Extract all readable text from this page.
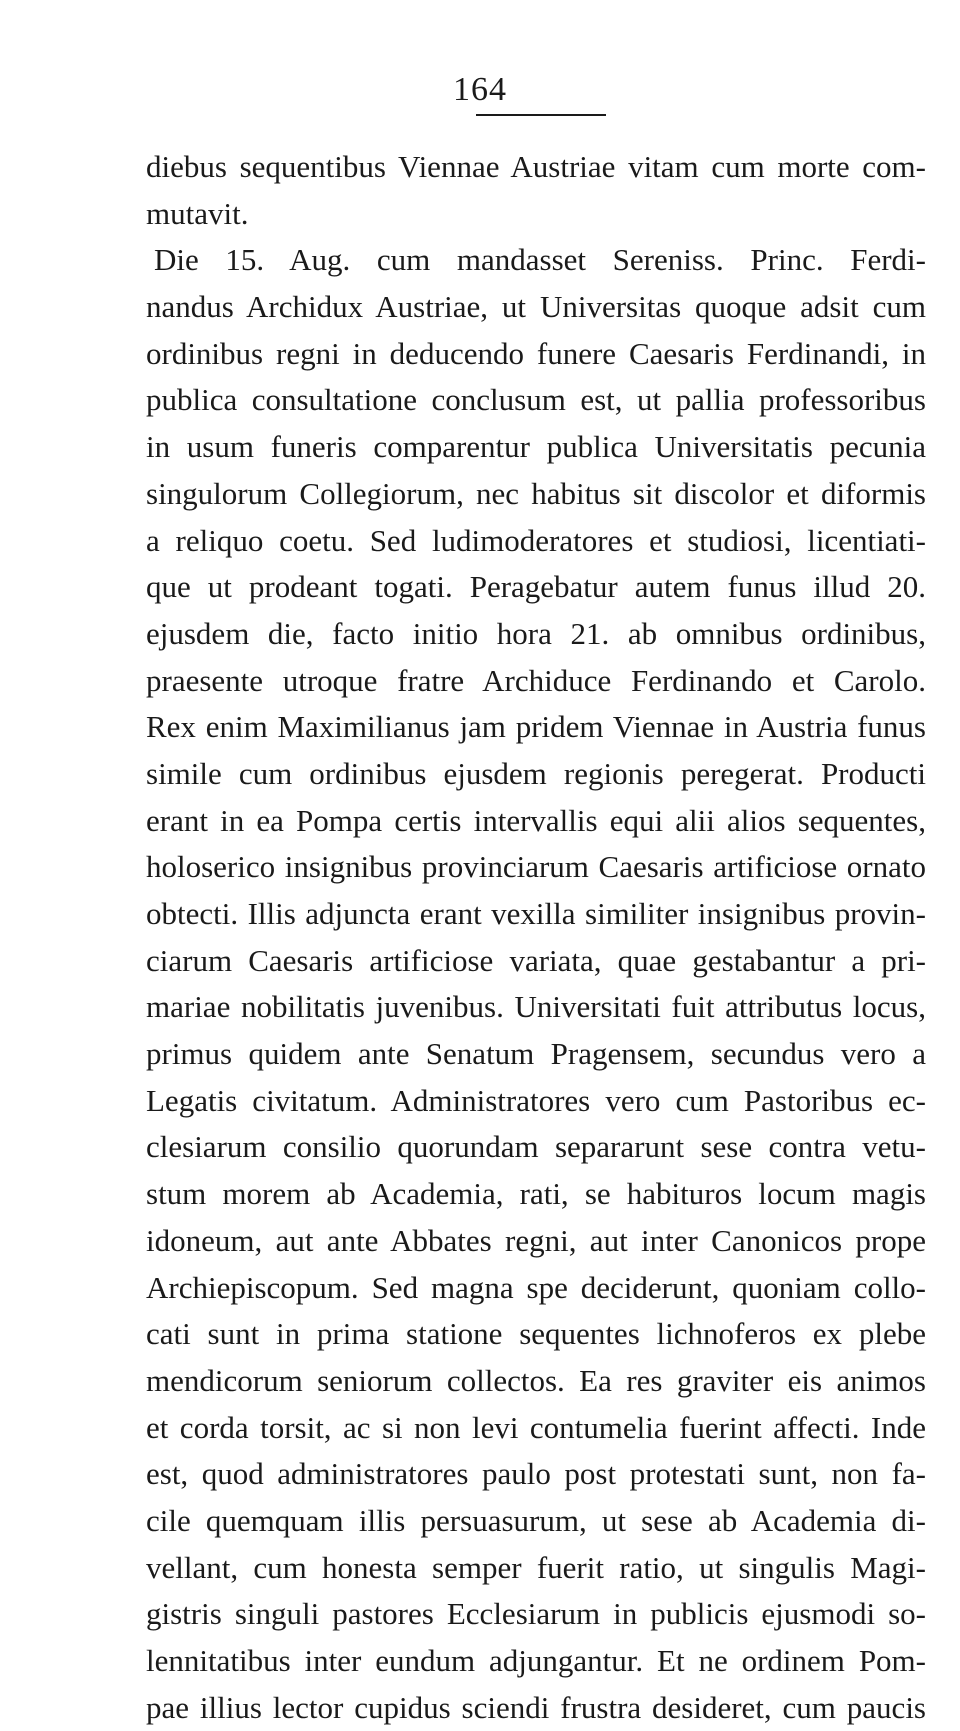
164
diebus sequentibus Viennae Austriae vitam cum morte com-
mutavit.
Die 15. Aug. cum mandasset Sereniss. Princ. Ferdi-
nandus Archidux Austriae, ut Universitas quoque adsit cum
ordinibus regni in deducendo funere Caesaris Ferdinandi, in
publica consultatione conclusum est, ut pallia professoribus
in usum funeris comparentur publica Universitatis pecunia
singulorum Collegiorum, nec habitus sit discolor et diformis
a reliquo coetu. Sed ludimoderatores et studiosi, licentiati-
que ut prodeant togati. Peragebatur autem funus illud 20.
ejusdem die, facto initio hora 21. ab omnibus ordinibus,
praesente utroque fratre Archiduce Ferdinando et Carolo.
Rex enim Maximilianus jam pridem Viennae in Austria funus
simile cum ordinibus ejusdem regionis peregerat. Producti
erant in ea Pompa certis intervallis equi alii alios sequentes,
holoserico insignibus provinciarum Caesaris artificiose ornato
obtecti. Illis adjuncta erant vexilla similiter insignibus provin-
ciarum Caesaris artificiose variata, quae gestabantur a pri-
mariae nobilitatis juvenibus. Universitati fuit attributus locus,
primus quidem ante Senatum Pragensem, secundus vero a
Legatis civitatum. Administratores vero cum Pastoribus ec-
clesiarum consilio quorundam separarunt sese contra vetu-
stum morem ab Academia, rati, se habituros locum magis
idoneum, aut ante Abbates regni, aut inter Canonicos prope
Archiepiscopum. Sed magna spe deciderunt, quoniam collo-
cati sunt in prima statione sequentes lichnoferos ex plebe
mendicorum seniorum collectos. Ea res graviter eis animos
et corda torsit, ac si non levi contumelia fuerint affecti. Inde
est, quod administratores paulo post protestati sunt, non fa-
cile quemquam illis persuasurum, ut sese ab Academia di-
vellant, cum honesta semper fuerit ratio, ut singulis Magi-
gistris singuli pastores Ecclesiarum in publicis ejusmodi so-
lennitatibus inter eundum adjungantur. Et ne ordinem Pom-
pae illius lector cupidus sciendi frustra desideret, cum paucis
